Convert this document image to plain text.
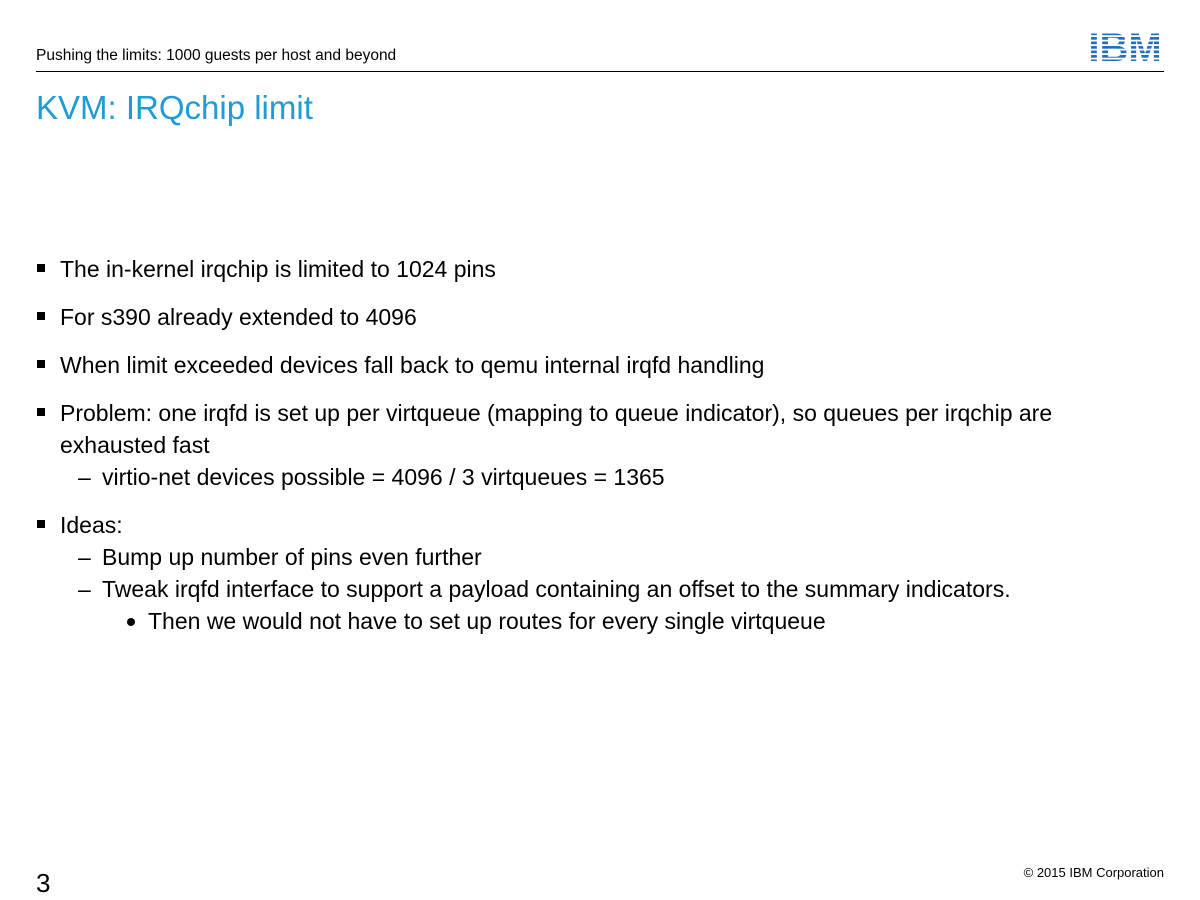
Pushing the limits: 1000 guests per host and beyond	IBM
KVM: IRQchip limit
The in-kernel irqchip is limited to 1024 pins
For s390 already extended to 4096
When limit exceeded devices fall back to qemu internal irqfd handling
Problem: one irqfd is set up per virtqueue (mapping to queue indicator), so queues per irqchip are exhausted fast
– virtio-net devices possible = 4096 / 3 virtqueues = 1365
Ideas:
– Bump up number of pins even further
– Tweak irqfd interface to support a payload containing an offset to the summary indicators.
Then we would not have to set up routes for every single virtqueue
3	© 2015 IBM Corporation
